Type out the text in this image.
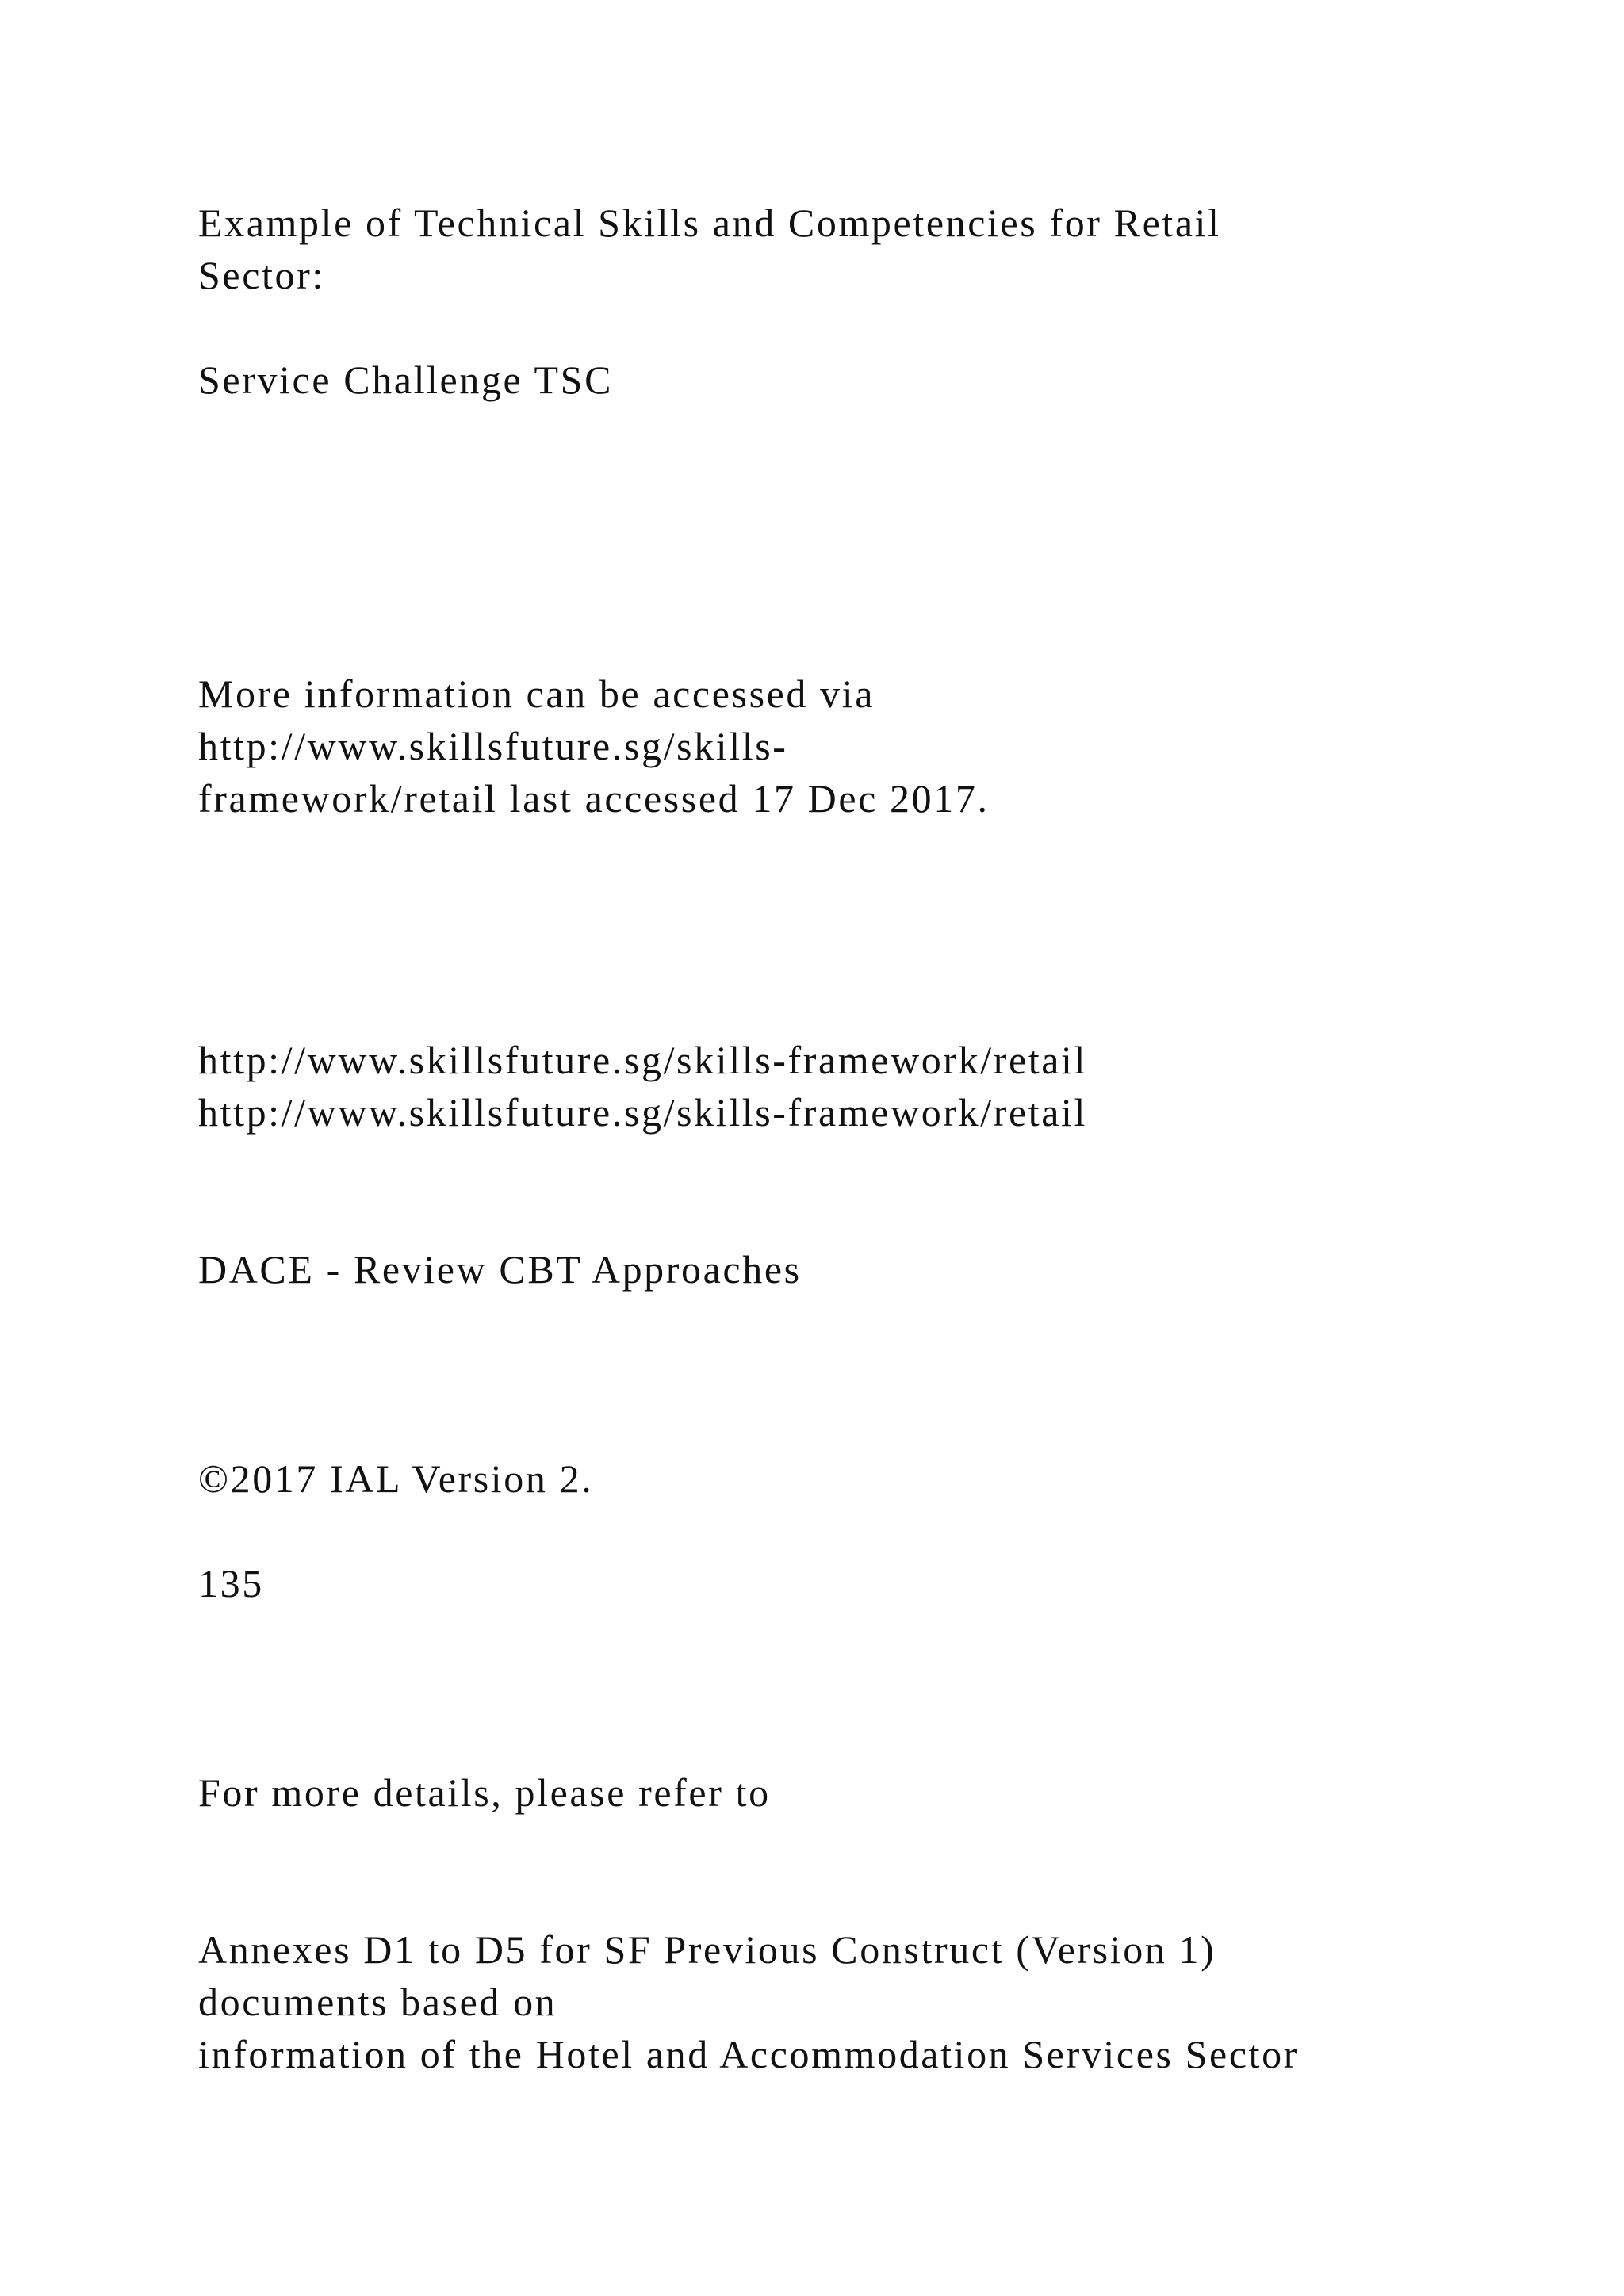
Example of Technical Skills and Competencies for Retail
Sector:
Service Challenge TSC
More information can be accessed via
http://www.skillsfuture.sg/skills-
framework/retail last accessed 17 Dec 2017.
http://www.skillsfuture.sg/skills-framework/retail
http://www.skillsfuture.sg/skills-framework/retail
DACE - Review CBT Approaches
©2017 IAL Version 2.
135
For more details, please refer to
Annexes D1 to D5 for SF Previous Construct (Version 1)
documents based on
information of the Hotel and Accommodation Services Sector
